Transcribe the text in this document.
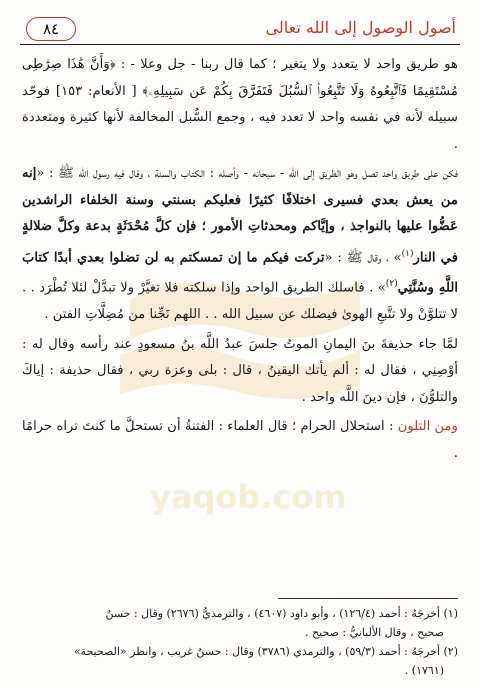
أصول الوصول إلى الله تعالى
٨٤
yaqob.com

هو طريق واحد لا يتعدد ولا يتغير ؛ كما قال ربنا - جل وعلا - : ﴿وَأَنَّ هَٰذَا صِرَٰطِى مُسْتَقِيمًا فَٱتَّبِعُوهُ وَلَا تَتَّبِعُوا۟ ٱلسُّبُلَ فَتَفَرَّقَ بِكُمْ عَن سَبِيلِهِۦ﴾ [ الأنعام: ١٥٣] فوحّد سبيله لأنه في نفسه واحد لا تعدد فيه ، وجمع السُّبل المخالفة لأنها كثيرة ومتعددة .

فكن على طريق واحد تصل وهو الطريق إلى الله - سبحانه - وأصله : الكتاب والسنة ، وقال فيه رسول الله ﷺ : «إنه من يعش بعدي فسيرى اختلافًا كثيرًا فعليكم بسنتي وسنة الخلفاء الراشدين عَضُّوا عليها بالنواجذ ، وإيَّاكم ومحدثاتِ الأمور ؛ فإن كلَّ مُحْدَثَةٍ بدعة وكلَّ ضلالةٍ في النار$^{(١)}$» ، وقال ﷺ : «تركت فيكم ما إن تمسكتم به لن تضلوا بعدي أبدًا كتابَ اللَّهِ وسُنَّتِي$^{(٢)}$» . فاسلك الطريق الواحد وإذا سلكته فلا تغيَّرْ ولا تبدَّلْ لئلا تُطْرَد . . لا تتلوَّنْ ولا تتَّبعِ الهوىٰ فيضلك عن سبيل الله . . اللهم نَجِّنا من مُضِلَّاتِ الفتن .

لمَّا جاء حذيفةَ بنَ اليمانِ الموتُ جلسَ عبدُ اللَّه بنُ مسعودٍ عند رأسه وقال له : أوْصِنِي ، فقال له : ألم يأتك اليقينُ ، قال : بلى وعزة ربي ، فقال حذيفة : إياكَ والتلوُّنَ ، فإن دينَ اللَّه واحد .

ومن التلون : استحلال الحرام ؛ قال العلماء : الفتنةُ أن تستحلَّ ما كنتَ تراه حرامًا .

(١) أخرجَهُ : أحمد (١٢٦/٤) ، وأبو داود (٤٦٠٧) ، والترمذيُّ (٢٦٧٦) وقال : حسنٌ

صحيح ، وقال الألبانيُّ : صحيح .

(٢) أخرجَهُ : أحمد (٥٩/٣) ، والترمذي (٣٧٨٦) وقال : حسنٌ غريب ، وانظر «الصحيحة»

(١٧٦١) .
